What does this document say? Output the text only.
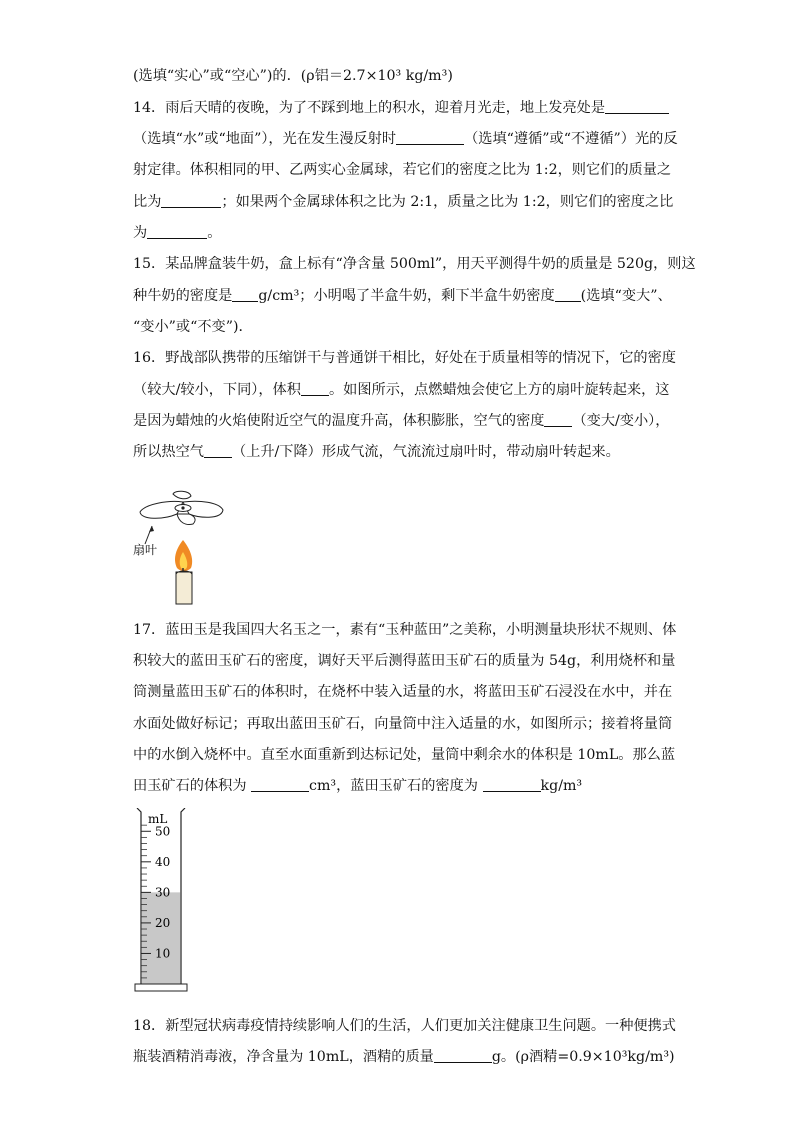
(选填“实心”或“空心”)的．(ρ铝＝2.7×10³ kg/m³)
14．雨后天晴的夜晚，为了不踩到地上的积水，迎着月光走，地上发亮处是
（选填“水”或“地面”），光在发生漫反射时	（选填“遵循”或“不遵循”）光的反
射定律。体积相同的甲、乙两实心金属球，若它们的密度之比为 1:2，则它们的质量之
比为	；如果两个金属球体积之比为 2:1，质量之比为 1:2，则它们的密度之比
为	。
15．某品牌盒装牛奶，盒上标有“净含量 500ml”，用天平测得牛奶的质量是 520g，则这
种牛奶的密度是 g/cm³；小明喝了半盒牛奶，剩下半盒牛奶密度 (选填“变大”、
“变小”或“不变”)．
16．野战部队携带的压缩饼干与普通饼干相比，好处在于质量相等的情况下，它的密度
（较大/较小，下同），体积 。如图所示，点燃蜡烛会使它上方的扇叶旋转起来，这
是因为蜡烛的火焰使附近空气的温度升高，体积膨胀，空气的密度 （变大/变小），
所以热空气 （上升/下降）形成气流，气流流过扇叶时，带动扇叶转起来。
扇叶
17．蓝田玉是我国四大名玉之一，素有“玉种蓝田”之美称，小明测量块形状不规则、体
积较大的蓝田玉矿石的密度，调好天平后测得蓝田玉矿石的质量为 54g，利用烧杯和量
筒测量蓝田玉矿石的体积时，在烧杯中装入适量的水，将蓝田玉矿石浸没在水中，并在
水面处做好标记；再取出蓝田玉矿石，向量筒中注入适量的水，如图所示；接着将量筒
中的水倒入烧杯中。直至水面重新到达标记处，量筒中剩余水的体积是 10mL。那么蓝
田玉矿石的体积为	cm³，蓝田玉矿石的密度为	kg/m³
50
40
30
20
10
mL
18．新型冠状病毒疫情持续影响人们的生活，人们更加关注健康卫生问题。一种便携式
瓶装酒精消毒液，净含量为 10mL，酒精的质量	g。(ρ酒精=0.9×10³kg/m³)
